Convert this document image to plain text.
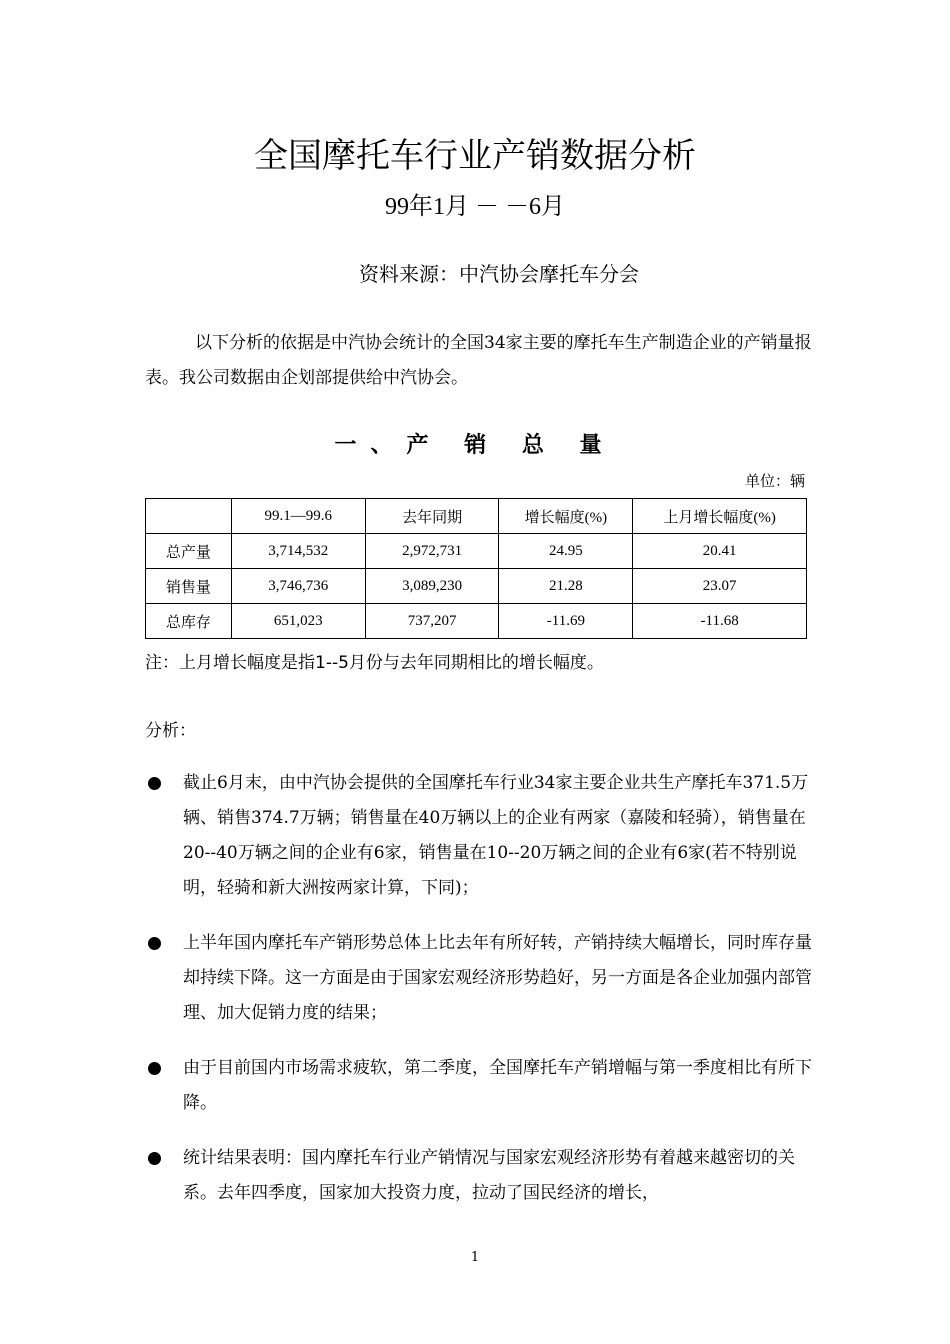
全国摩托车行业产销数据分析
99年1月 － －6月
资料来源：中汽协会摩托车分会
以下分析的依据是中汽协会统计的全国34家主要的摩托车生产制造企业的产销量报表。我公司数据由企划部提供给中汽协会。
一、产 销 总 量
单位：辆
	99.1—99.6	去年同期	增长幅度(%)	上月增长幅度(%)
总产量	3,714,532	2,972,731	24.95	20.41
销售量	3,746,736	3,089,230	21.28	23.07
总库存	651,023	737,207	-11.69	-11.68
注：上月增长幅度是指1--5月份与去年同期相比的增长幅度。
分析：
截止6月末，由中汽协会提供的全国摩托车行业34家主要企业共生产摩托车371.5万辆、销售374.7万辆；销售量在40万辆以上的企业有两家（嘉陵和轻骑），销售量在20--40万辆之间的企业有6家，销售量在10--20万辆之间的企业有6家(若不特别说明，轻骑和新大洲按两家计算，下同)；
上半年国内摩托车产销形势总体上比去年有所好转，产销持续大幅增长，同时库存量却持续下降。这一方面是由于国家宏观经济形势趋好，另一方面是各企业加强内部管理、加大促销力度的结果；
由于目前国内市场需求疲软，第二季度，全国摩托车产销增幅与第一季度相比有所下降。
统计结果表明：国内摩托车行业产销情况与国家宏观经济形势有着越来越密切的关系。去年四季度，国家加大投资力度，拉动了国民经济的增长，
1
